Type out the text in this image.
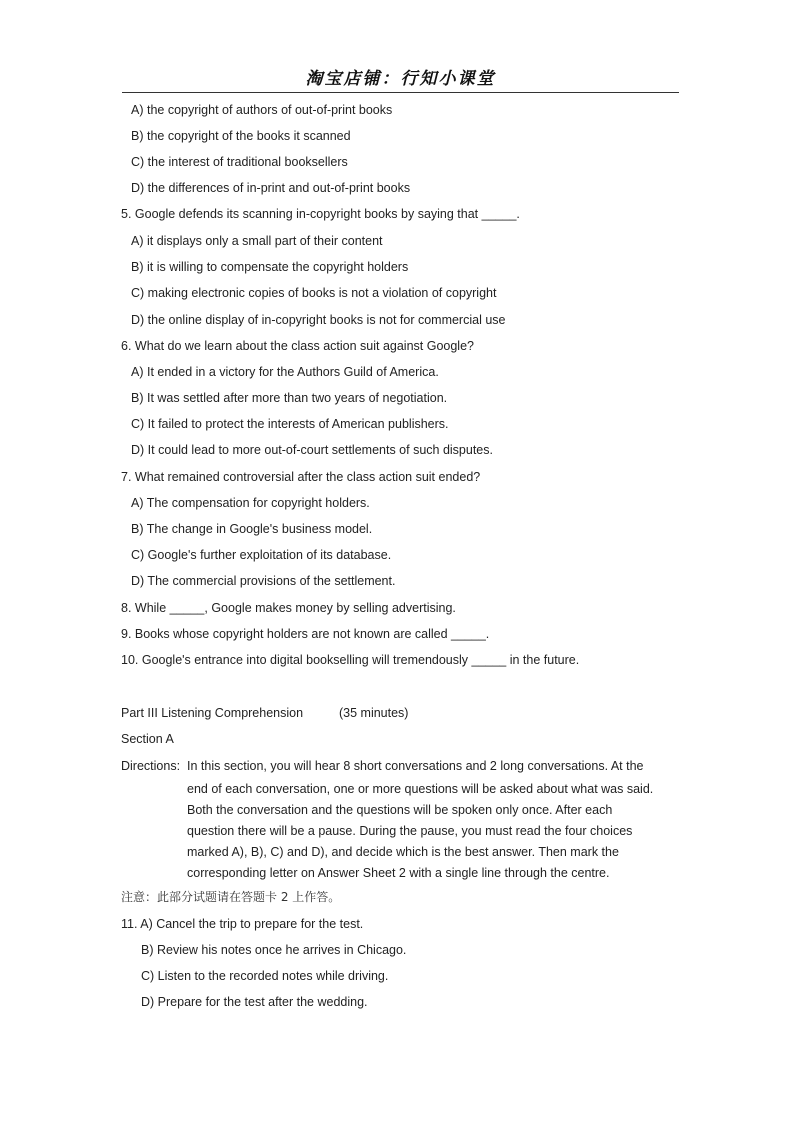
淘宝店铺：行知小课堂
A) the copyright of authors of out-of-print books
B) the copyright of the books it scanned
C) the interest of traditional booksellers
D) the differences of in-print and out-of-print books
5. Google defends its scanning in-copyright books by saying that _____.
A) it displays only a small part of their content
B) it is willing to compensate the copyright holders
C) making electronic copies of books is not a violation of copyright
D) the online display of in-copyright books is not for commercial use
6. What do we learn about the class action suit against Google?
A) It ended in a victory for the Authors Guild of America.
B) It was settled after more than two years of negotiation.
C) It failed to protect the interests of American publishers.
D) It could lead to more out-of-court settlements of such disputes.
7. What remained controversial after the class action suit ended?
A) The compensation for copyright holders.
B) The change in Google's business model.
C) Google's further exploitation of its database.
D) The commercial provisions of the settlement.
8. While _____, Google makes money by selling advertising.
9. Books whose copyright holders are not known are called _____.
10. Google's entrance into digital bookselling will tremendously _____ in the future.
Part III Listening Comprehension	(35 minutes)
Section A
Directions: In this section, you will hear 8 short conversations and 2 long conversations. At the
end of each conversation, one or more questions will be asked about what was said.
Both the conversation and the questions will be spoken only once. After each
question there will be a pause. During the pause, you must read the four choices
marked A), B), C) and D), and decide which is the best answer. Then mark the
corresponding letter on Answer Sheet 2 with a single line through the centre.
注意：此部分试题请在答题卡 2 上作答。
11. A) Cancel the trip to prepare for the test.
B) Review his notes once he arrives in Chicago.
C) Listen to the recorded notes while driving.
D) Prepare for the test after the wedding.
